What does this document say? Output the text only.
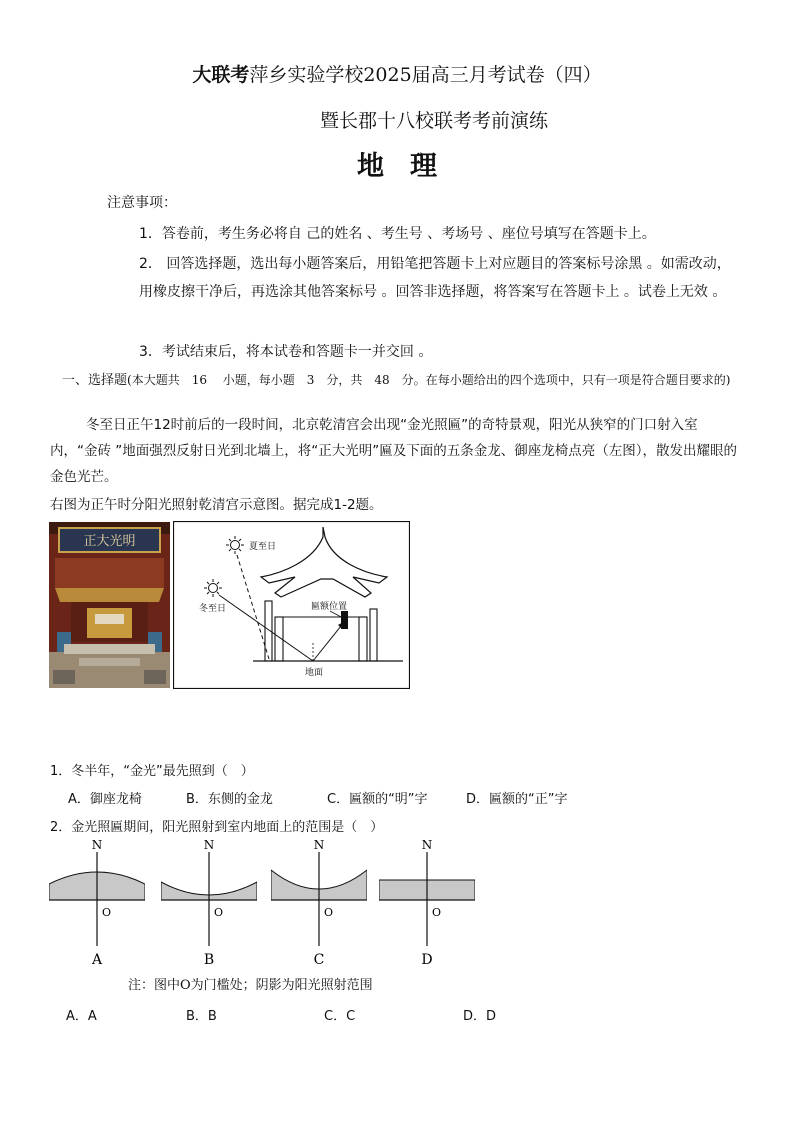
大联考萍乡实验学校2025届高三月考试卷（四）
暨长郡十八校联考考前演练
地理
注意事项：
1．答卷前，考生务必将自 己的姓名 、考生号 、考场号 、座位号填写在答题卡上。
2． 回答选择题，选出每小题答案后，用铅笔把答题卡上对应题目的答案标号涂黑 。如需改动，用橡皮擦干净后，再选涂其他答案标号 。回答非选择题，将答案写在答题卡上 。试卷上无效 。
3．考试结束后，将本试卷和答题卡一并交回 。
一、选择题(本大题共　16　 小题，每小题　3　分，共　48　分。在每小题给出的四个选项中，只有一项是符合题目要求的)
冬至日正午12时前后的一段时间，北京乾清宫会出现“金光照匾”的奇特景观，阳光从狭窄的门口射入室内，“金砖 ”地面强烈反射日光到北墙上，将“正大光明”匾及下面的五条金龙、御座龙椅点亮（左图），散发出耀眼的金色光芒。
右图为正午时分阳光照射乾清宫示意图。据完成1-2题。
正大光明	夏至日
冬至日	匾额位置
地面
1．冬半年，“金光”最先照到（　）
A．御座龙椅	B．东侧的金龙	C．匾额的“明”字	D．匾额的“正”字
2．金光照匾期间，阳光照射到室内地面上的范围是（　）
N
O
A
N
O
B
N
O
C
N
O
D
注：图中O为门槛处；阴影为阳光照射范围
A．A	B．B	C．C	D．D
